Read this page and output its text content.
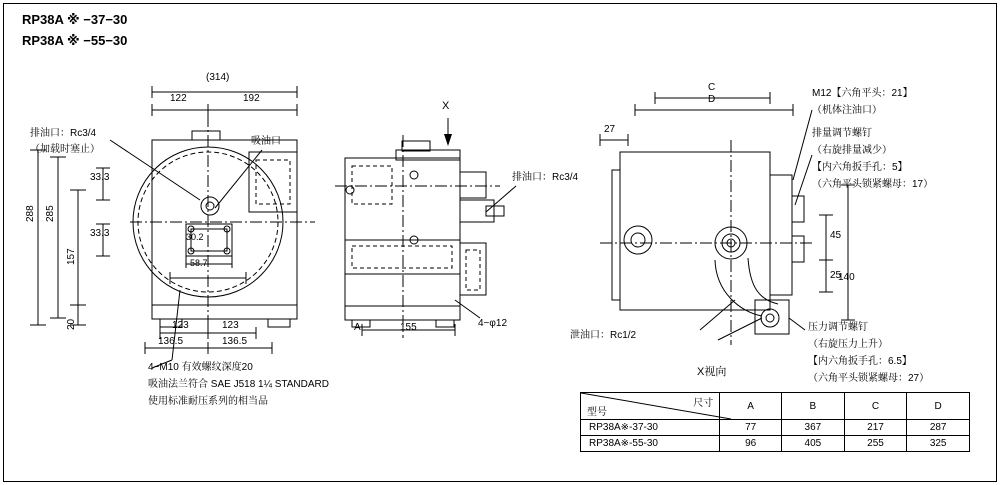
RP38A ※ −37−30
RP38A ※ −55−30
排油口：Rc3/4
（加载时塞止）
吸油口
(314)
122	192
288 285
157
20
33.3
33.3	30.2
58.7
123	123
136.5	136.5
4−M10 有效螺纹深度20
吸油法兰符合 SAE J518 1¼ STANDARD
使用标准耐压系列的相当品
X
排油口：Rc3/4
A	155	4−φ12
D
C
27
45
25
140
M12【六角平头：21】
（机体注油口）
排量调节螺钉
（右旋排量减少）
【内六角扳手孔：5】
（六角平头锁紧螺母：17）
压力调节螺钉
（右旋压力上升）
【内六角扳手孔：6.5】
（六角平头锁紧螺母：27）
泄油口：Rc1/2
X视向
尺寸
型号	A	B	C	D
RP38A※-37-30	77	367	217	287
RP38A※-55-30	96	405	255	325
